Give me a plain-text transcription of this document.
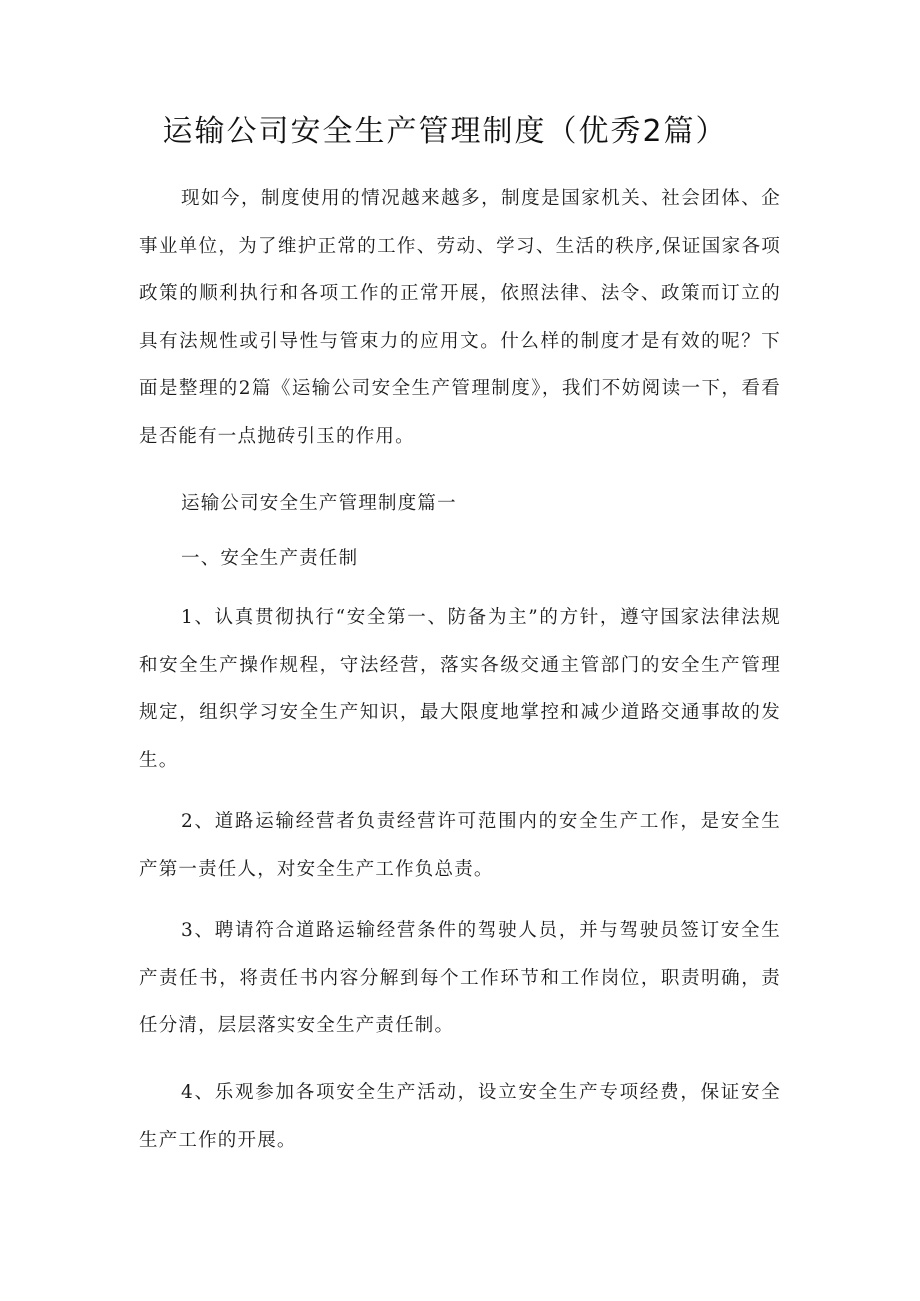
运输公司安全生产管理制度（优秀2篇）

现如今，制度使用的情况越来越多，制度是国家机关、社会团体、企事业单位，为了维护正常的工作、劳动、学习、生活的秩序,保证国家各项政策的顺利执行和各项工作的正常开展，依照法律、法令、政策而订立的具有法规性或引导性与管束力的应用文。什么样的制度才是有效的呢？下面是整理的2篇《运输公司安全生产管理制度》，我们不妨阅读一下，看看是否能有一点抛砖引玉的作用。

运输公司安全生产管理制度篇一

一、安全生产责任制

1、认真贯彻执行“安全第一、防备为主”的方针，遵守国家法律法规和安全生产操作规程，守法经营，落实各级交通主管部门的安全生产管理规定，组织学习安全生产知识，最大限度地掌控和减少道路交通事故的发生。

2、道路运输经营者负责经营许可范围内的安全生产工作，是安全生产第一责任人，对安全生产工作负总责。

3、聘请符合道路运输经营条件的驾驶人员，并与驾驶员签订安全生产责任书，将责任书内容分解到每个工作环节和工作岗位，职责明确，责任分清，层层落实安全生产责任制。

4、乐观参加各项安全生产活动，设立安全生产专项经费，保证安全生产工作的开展。
